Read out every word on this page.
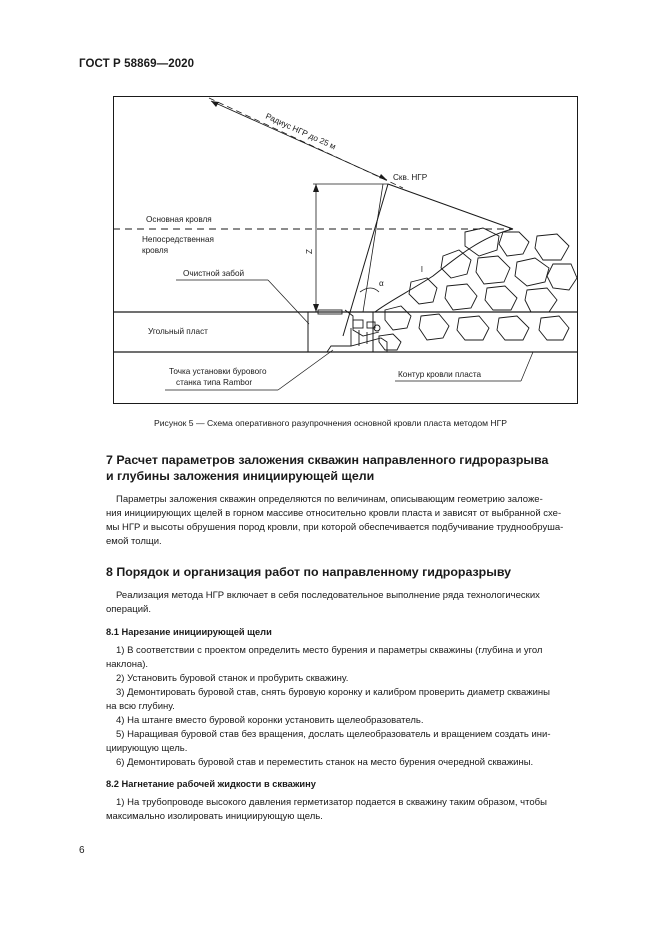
ГОСТ Р 58869—2020
Радиус НГР до 25 м
Скв. НГР
Z
α
l
Основная кровля
Непосредственная
кровля
Очистной забой
Угольный пласт
Точка установки бурового
станка типа Rambor
Контур кровли пласта
Рисунок 5 — Схема оперативного разупрочнения основной кровли пласта методом НГР
7 Расчет параметров заложения скважин направленного гидроразрыва
и глубины заложения инициирующей щели

Параметры заложения скважин определяются по величинам, описывающим геометрию заложе-

ния инициирующих щелей в горном массиве относительно кровли пласта и зависят от выбранной схе-

мы НГР и высоты обрушения пород кровли, при которой обеспечивается подбучивание труднообруша-

емой толщи.

8 Порядок и организация работ по направленному гидроразрыву

Реализация метода НГР включает в себя последовательное выполнение ряда технологических

операций.

8.1 Нарезание инициирующей щели

1) В соответствии с проектом определить место бурения и параметры скважины (глубина и угол

наклона).

2) Установить буровой станок и пробурить скважину.

3) Демонтировать буровой став, снять буровую коронку и калибром проверить диаметр скважины

на всю глубину.

4) На штанге вместо буровой коронки установить щелеобразователь.

5) Наращивая буровой став без вращения, дослать щелеобразователь и вращением создать ини-

циирующую щель.

6) Демонтировать буровой став и переместить станок на место бурения очередной скважины.

8.2 Нагнетание рабочей жидкости в скважину

1) На трубопроводе высокого давления герметизатор подается в скважину таким образом, чтобы

максимально изолировать инициирующую щель.

6
